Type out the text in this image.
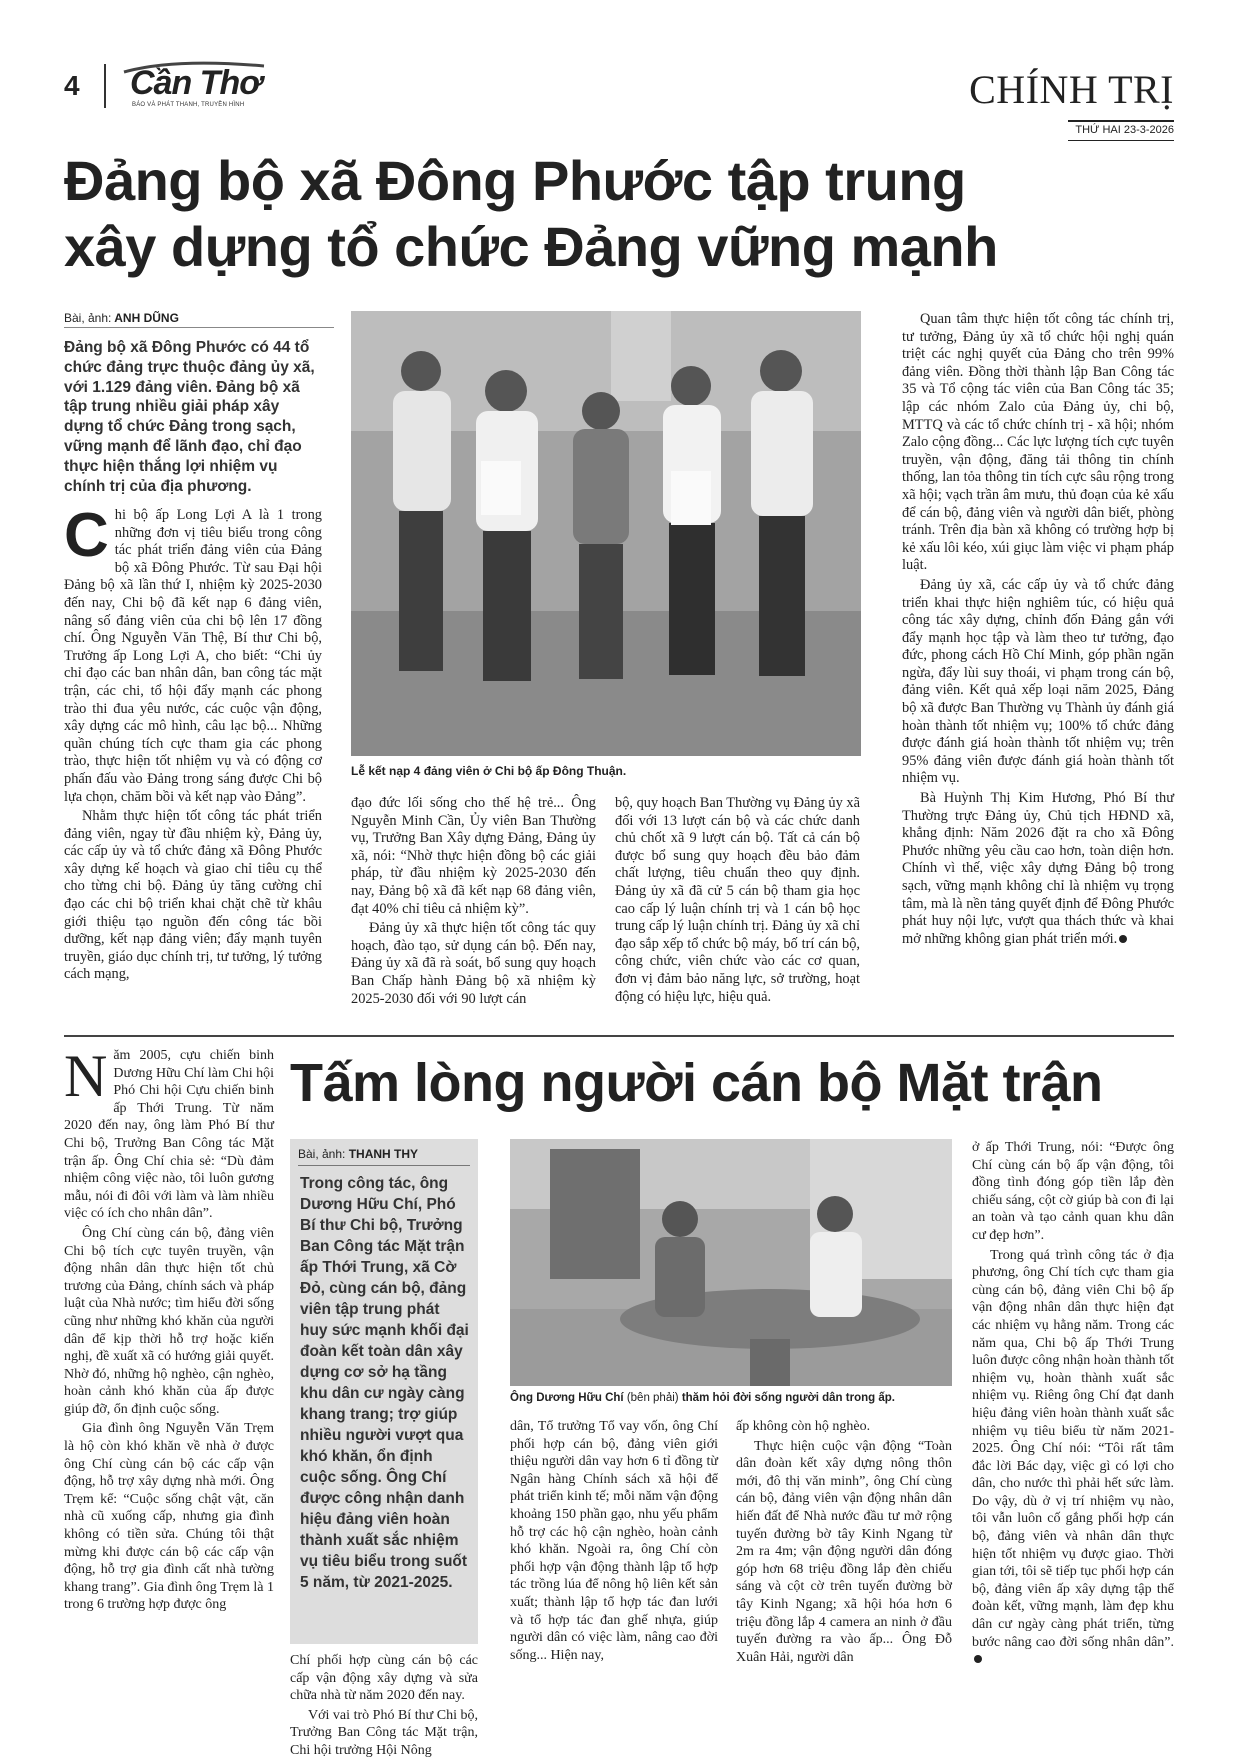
4 Cần Thơ
BÁO VÀ PHÁT THANH, TRUYỀN HÌNH	CHÍNH TRỊ
THỨ HAI 23-3-2026
Đảng bộ xã Đông Phước tập trung
xây dựng tổ chức Đảng vững mạnh
Bài, ảnh: ANH DŨNG
Đảng bộ xã Đông Phước có 44 tổ chức đảng trực thuộc đảng ủy xã, với 1.129 đảng viên. Đảng bộ xã tập trung nhiều giải pháp xây dựng tổ chức Đảng trong sạch, vững mạnh để lãnh đạo, chỉ đạo thực hiện thắng lợi nhiệm vụ chính trị của địa phương.
Lễ kết nạp 4 đảng viên ở Chi bộ ấp Đông Thuận.

Chi bộ ấp Long Lợi A là 1 trong những đơn vị tiêu biểu trong công tác phát triển đảng viên của Đảng bộ xã Đông Phước. Từ sau Đại hội Đảng bộ xã lần thứ I, nhiệm kỳ 2025-2030 đến nay, Chi bộ đã kết nạp 6 đảng viên, nâng số đảng viên của chi bộ lên 17 đồng chí. Ông Nguyễn Văn Thệ, Bí thư Chi bộ, Trưởng ấp Long Lợi A, cho biết: “Chi ủy chỉ đạo các ban nhân dân, ban công tác mặt trận, các chi, tổ hội đẩy mạnh các phong trào thi đua yêu nước, các cuộc vận động, xây dựng các mô hình, câu lạc bộ... Những quần chúng tích cực tham gia các phong trào, thực hiện tốt nhiệm vụ và có động cơ phấn đấu vào Đảng trong sáng được Chi bộ lựa chọn, chăm bồi và kết nạp vào Đảng”.

Nhằm thực hiện tốt công tác phát triển đảng viên, ngay từ đầu nhiệm kỳ, Đảng ủy, các cấp ủy và tổ chức đảng xã Đông Phước xây dựng kế hoạch và giao chỉ tiêu cụ thể cho từng chi bộ. Đảng ủy tăng cường chỉ đạo các chi bộ triển khai chặt chẽ từ khâu giới thiệu tạo nguồn đến công tác bồi dưỡng, kết nạp đảng viên; đẩy mạnh tuyên truyền, giáo dục chính trị, tư tưởng, lý tưởng cách mạng,

đạo đức lối sống cho thế hệ trẻ... Ông Nguyễn Minh Cần, Ủy viên Ban Thường vụ, Trưởng Ban Xây dựng Đảng, Đảng ủy xã, nói: “Nhờ thực hiện đồng bộ các giải pháp, từ đầu nhiệm kỳ 2025-2030 đến nay, Đảng bộ xã đã kết nạp 68 đảng viên, đạt 40% chỉ tiêu cả nhiệm kỳ”.

Đảng ủy xã thực hiện tốt công tác quy hoạch, đào tạo, sử dụng cán bộ. Đến nay, Đảng ủy xã đã rà soát, bổ sung quy hoạch Ban Chấp hành Đảng bộ xã nhiệm kỳ 2025-2030 đối với 90 lượt cán

bộ, quy hoạch Ban Thường vụ Đảng ủy xã đối với 13 lượt cán bộ và các chức danh chủ chốt xã 9 lượt cán bộ. Tất cả cán bộ được bổ sung quy hoạch đều bảo đảm chất lượng, tiêu chuẩn theo quy định. Đảng ủy xã đã cử 5 cán bộ tham gia học cao cấp lý luận chính trị và 1 cán bộ học trung cấp lý luận chính trị. Đảng ủy xã chỉ đạo sắp xếp tổ chức bộ máy, bố trí cán bộ, công chức, viên chức vào các cơ quan, đơn vị đảm bảo năng lực, sở trường, hoạt động có hiệu lực, hiệu quả.

Quan tâm thực hiện tốt công tác chính trị, tư tưởng, Đảng ủy xã tổ chức hội nghị quán triệt các nghị quyết của Đảng cho trên 99% đảng viên. Đồng thời thành lập Ban Công tác 35 và Tổ cộng tác viên của Ban Công tác 35; lập các nhóm Zalo của Đảng ủy, chi bộ, MTTQ và các tổ chức chính trị - xã hội; nhóm Zalo cộng đồng... Các lực lượng tích cực tuyên truyền, vận động, đăng tải thông tin chính thống, lan tỏa thông tin tích cực sâu rộng trong xã hội; vạch trần âm mưu, thủ đoạn của kẻ xấu để cán bộ, đảng viên và người dân biết, phòng tránh. Trên địa bàn xã không có trường hợp bị kẻ xấu lôi kéo, xúi giục làm việc vi phạm pháp luật.

Đảng ủy xã, các cấp ủy và tổ chức đảng triển khai thực hiện nghiêm túc, có hiệu quả công tác xây dựng, chỉnh đốn Đảng gắn với đẩy mạnh học tập và làm theo tư tưởng, đạo đức, phong cách Hồ Chí Minh, góp phần ngăn ngừa, đẩy lùi suy thoái, vi phạm trong cán bộ, đảng viên. Kết quả xếp loại năm 2025, Đảng bộ xã được Ban Thường vụ Thành ủy đánh giá hoàn thành tốt nhiệm vụ; 100% tổ chức đảng được đánh giá hoàn thành tốt nhiệm vụ; trên 95% đảng viên được đánh giá hoàn thành tốt nhiệm vụ.

Bà Huỳnh Thị Kim Hương, Phó Bí thư Thường trực Đảng ủy, Chủ tịch HĐND xã, khẳng định: Năm 2026 đặt ra cho xã Đông Phước những yêu cầu cao hơn, toàn diện hơn. Chính vì thế, việc xây dựng Đảng bộ trong sạch, vững mạnh không chỉ là nhiệm vụ trọng tâm, mà là nền tảng quyết định để Đông Phước phát huy nội lực, vượt qua thách thức và khai mở những không gian phát triển mới.

Năm 2005, cựu chiến binh Dương Hữu Chí làm Chi hội Phó Chi hội Cựu chiến binh ấp Thới Trung. Từ năm 2020 đến nay, ông làm Phó Bí thư Chi bộ, Trưởng Ban Công tác Mặt trận ấp. Ông Chí chia sẻ: “Dù đảm nhiệm công việc nào, tôi luôn gương mẫu, nói đi đôi với làm và làm nhiều việc có ích cho nhân dân”.

Ông Chí cùng cán bộ, đảng viên Chi bộ tích cực tuyên truyền, vận động nhân dân thực hiện tốt chủ trương của Đảng, chính sách và pháp luật của Nhà nước; tìm hiểu đời sống cũng như những khó khăn của người dân để kịp thời hỗ trợ hoặc kiến nghị, đề xuất xã có hướng giải quyết. Nhờ đó, những hộ nghèo, cận nghèo, hoàn cảnh khó khăn của ấp được giúp đỡ, ổn định cuộc sống.

Gia đình ông Nguyễn Văn Trẹm là hộ còn khó khăn về nhà ở được ông Chí cùng cán bộ các cấp vận động, hỗ trợ xây dựng nhà mới. Ông Trẹm kể: “Cuộc sống chật vật, căn nhà cũ xuống cấp, nhưng gia đình không có tiền sửa. Chúng tôi thật mừng khi được cán bộ các cấp vận động, hỗ trợ gia đình cất nhà tường khang trang”. Gia đình ông Trẹm là 1 trong 6 trường hợp được ông

Tấm lòng người cán bộ Mặt trận
Bài, ảnh: THANH THY
Trong công tác, ông Dương Hữu Chí, Phó Bí thư Chi bộ, Trưởng Ban Công tác Mặt trận ấp Thới Trung, xã Cờ Đỏ, cùng cán bộ, đảng viên tập trung phát huy sức mạnh khối đại đoàn kết toàn dân xây dựng cơ sở hạ tầng khu dân cư ngày càng khang trang; trợ giúp nhiều người vượt qua khó khăn, ổn định cuộc sống. Ông Chí được công nhận danh hiệu đảng viên hoàn thành xuất sắc nhiệm vụ tiêu biểu trong suốt 5 năm, từ 2021-2025.
Ông Dương Hữu Chí (bên phải) thăm hỏi đời sống người dân trong ấp.

Chí phối hợp cùng cán bộ các cấp vận động xây dựng và sửa chữa nhà từ năm 2020 đến nay.

Với vai trò Phó Bí thư Chi bộ, Trưởng Ban Công tác Mặt trận, Chi hội trưởng Hội Nông

dân, Tổ trưởng Tổ vay vốn, ông Chí phối hợp cán bộ, đảng viên giới thiệu người dân vay hơn 6 tỉ đồng từ Ngân hàng Chính sách xã hội để phát triển kinh tế; mỗi năm vận động khoảng 150 phần gạo, nhu yếu phẩm hỗ trợ các hộ cận nghèo, hoàn cảnh khó khăn. Ngoài ra, ông Chí còn phối hợp vận động thành lập tổ hợp tác trồng lúa để nông hộ liên kết sản xuất; thành lập tổ hợp tác đan lưới và tổ hợp tác đan ghế nhựa, giúp người dân có việc làm, nâng cao đời sống... Hiện nay,

ấp không còn hộ nghèo.

Thực hiện cuộc vận động “Toàn dân đoàn kết xây dựng nông thôn mới, đô thị văn minh”, ông Chí cùng cán bộ, đảng viên vận động nhân dân hiến đất để Nhà nước đầu tư mở rộng tuyến đường bờ tây Kinh Ngang từ 2m ra 4m; vận động người dân đóng góp hơn 68 triệu đồng lắp đèn chiếu sáng và cột cờ trên tuyến đường bờ tây Kinh Ngang; xã hội hóa hơn 6 triệu đồng lắp 4 camera an ninh ở đầu tuyến đường ra vào ấp... Ông Đỗ Xuân Hải, người dân

ở ấp Thới Trung, nói: “Được ông Chí cùng cán bộ ấp vận động, tôi đồng tình đóng góp tiền lắp đèn chiếu sáng, cột cờ giúp bà con đi lại an toàn và tạo cảnh quan khu dân cư đẹp hơn”.

Trong quá trình công tác ở địa phương, ông Chí tích cực tham gia cùng cán bộ, đảng viên Chi bộ ấp vận động nhân dân thực hiện đạt các nhiệm vụ hằng năm. Trong các năm qua, Chi bộ ấp Thới Trung luôn được công nhận hoàn thành tốt nhiệm vụ, hoàn thành xuất sắc nhiệm vụ. Riêng ông Chí đạt danh hiệu đảng viên hoàn thành xuất sắc nhiệm vụ tiêu biểu từ năm 2021-2025. Ông Chí nói: “Tôi rất tâm đắc lời Bác dạy, việc gì có lợi cho dân, cho nước thì phải hết sức làm. Do vậy, dù ở vị trí nhiệm vụ nào, tôi vẫn luôn cố gắng phối hợp cán bộ, đảng viên và nhân dân thực hiện tốt nhiệm vụ được giao. Thời gian tới, tôi sẽ tiếp tục phối hợp cán bộ, đảng viên ấp xây dựng tập thể đoàn kết, vững mạnh, làm đẹp khu dân cư ngày càng phát triển, từng bước nâng cao đời sống nhân dân”.
